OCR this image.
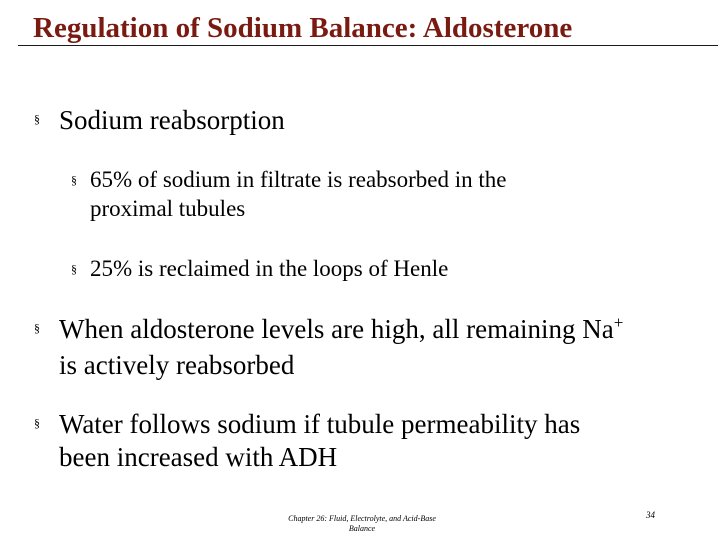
Regulation of Sodium Balance: Aldosterone
§ Sodium reabsorption
§ 65% of sodium in filtrate is reabsorbed in the
proximal tubules
§ 25% is reclaimed in the loops of Henle
§ When aldosterone levels are high, all remaining Na+
is actively reabsorbed
§ Water follows sodium if tubule permeability has
been increased with ADH
Chapter 26: Fluid, Electrolyte, and Acid-Base
Balance
34
